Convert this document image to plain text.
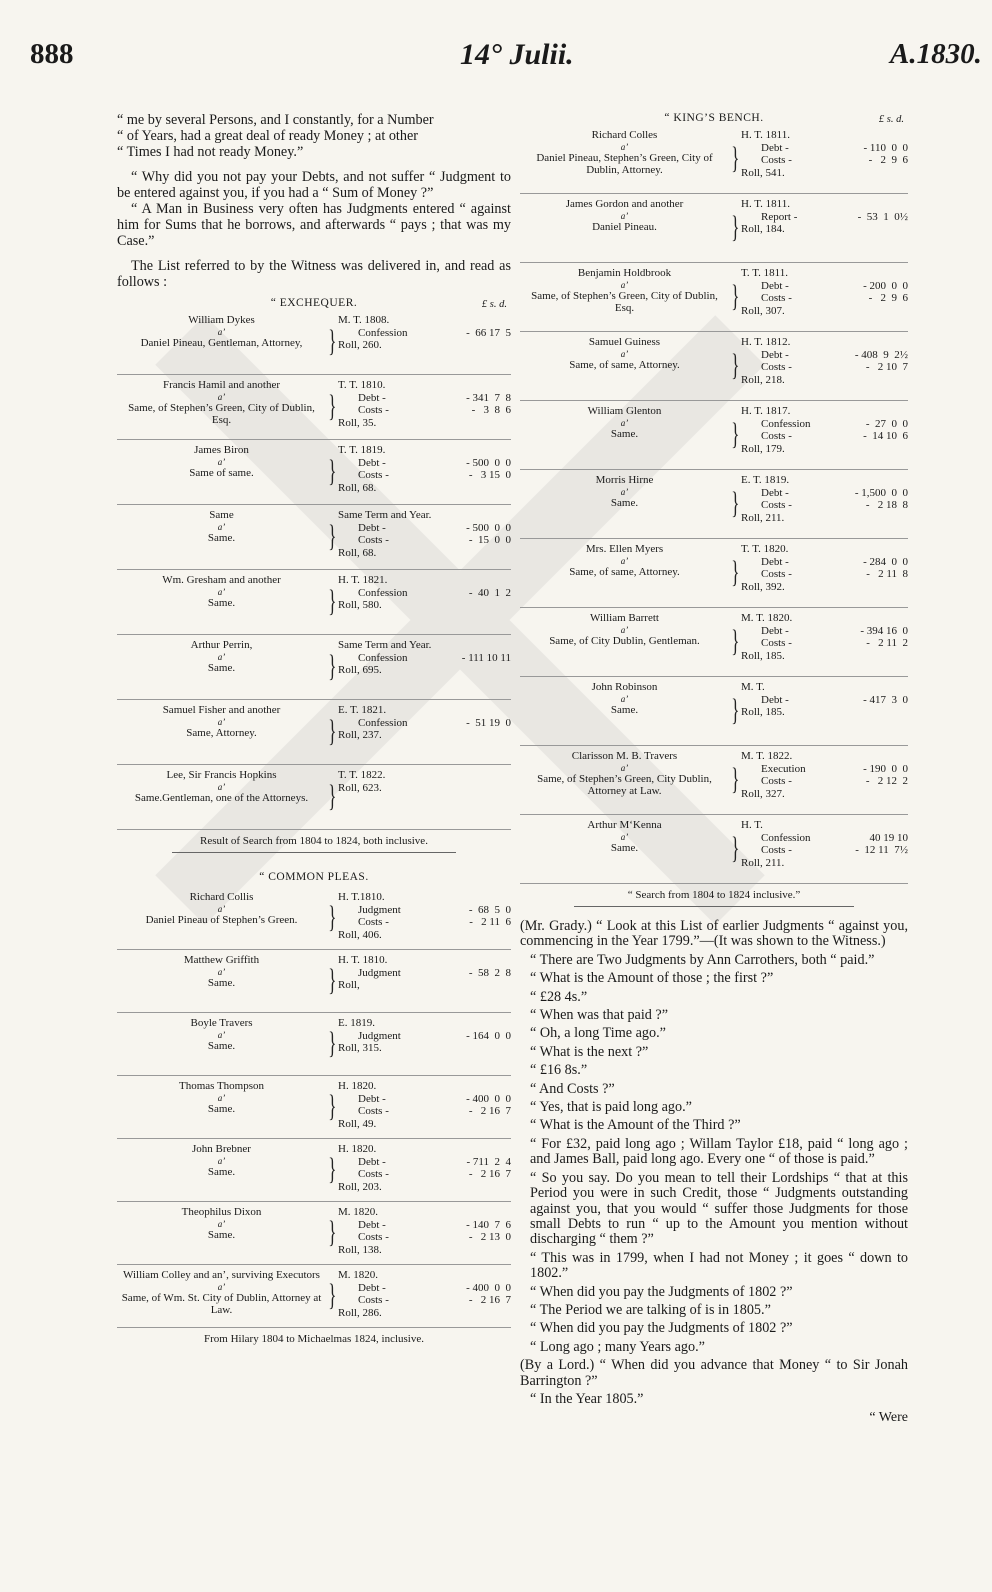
888	14° Julii.	A.1830.

“ me by several Persons, and I constantly, for a Number

“ of Years, had a great deal of ready Money ; at other

“ Times I had not ready Money.”

“ Why did you not pay your Debts, and not suffer “ Judgment to be entered against you, if you had a “ Sum of Money ?”

“ A Man in Business very often has Judgments entered “ against him for Sums that he borrows, and afterwards “ pays ; that was my Case.”

The List referred to by the Witness was delivered in, and read as follows :

“ EXCHEQUER.	£ s. d.
William Dykes
a’
Daniel Pineau, Gentleman, Attorney, }
M. T. 1808.
Confession	-  66 17  5
Roll, 260.
Francis Hamil and another
a’
Same, of Stephen’s Green, City of Dublin, Esq.	}
T. T. 1810.
Debt -	- 341  7  8
Costs -	-   3  8  6
Roll, 35.
James Biron
a’
Same of same.	}
T. T. 1819.
Debt -	- 500  0  0
Costs -	-   3 15  0
Roll, 68.
Same
a’
Same.	}
Same Term and Year.
Debt -	- 500  0  0
Costs -	-  15  0  0
Roll, 68.
Wm. Gresham and another
a’
Same.	}
H. T. 1821.
Confession	-  40  1  2
Roll, 580.
Arthur Perrin,
a’
Same.	}
Same Term and Year.
Confession	- 111 10 11
Roll, 695.
Samuel Fisher and another
a’
Same, Attorney.	}
E. T. 1821.
Confession	-  51 19  0
Roll, 237.
Lee, Sir Francis Hopkins
a’
Same.Gentleman, one of the Attorneys. }
T. T. 1822.
Roll, 623.
Result of Search from 1804 to 1824, both inclusive.
“ COMMON PLEAS.
Richard Collis
a’
Daniel Pineau of Stephen’s Green. }
H. T.1810.
Judgment	-  68  5  0
Costs -	-   2 11  6
Roll, 406.
Matthew Griffith
a’
Same.	}
H. T. 1810.
Judgment	-  58  2  8
Roll,
Boyle Travers
a’
Same.	}
E. 1819.
Judgment	- 164  0  0
Roll, 315.
Thomas Thompson
a’
Same.	}
H. 1820.
Debt -	- 400  0  0
Costs -	-   2 16  7
Roll, 49.
John Brebner
a’
Same.	}
H. 1820.
Debt -	- 711  2  4
Costs -	-   2 16  7
Roll, 203.
Theophilus Dixon
a’
Same.	}
M. 1820.
Debt -	- 140  7  6
Costs -	-   2 13  0
Roll, 138.
William Colley and an’, surviving Executors
a’
Same, of Wm. St. City of Dublin, Attorney at Law.	}
M. 1820.
Debt -	- 400  0  0
Costs -	-   2 16  7
Roll, 286.
From Hilary 1804 to Michaelmas 1824, inclusive.
“ KING’S BENCH.	£ s. d.
Richard Colles
a’
Daniel Pineau, Stephen’s Green, City of Dublin, Attorney.	}
H. T. 1811.
Debt -	- 110  0  0
Costs -	-   2  9  6
Roll, 541.
James Gordon and another
a’
Daniel Pineau.	}
H. T. 1811.
Report -	-  53  1  0½
Roll, 184.
Benjamin Holdbrook
a’
Same, of Stephen’s Green, City of Dublin, Esq.	}
T. T. 1811.
Debt -	- 200  0  0
Costs -	-   2  9  6
Roll, 307.
Samuel Guiness
a’
Same, of same, Attorney.	}
H. T. 1812.
Debt -	- 408  9  2½
Costs -	-   2 10  7
Roll, 218.
William Glenton
a’
Same.	}
H. T. 1817.
Confession	-  27  0  0
Costs -	-  14 10  6
Roll, 179.
Morris Hirne
a’
Same.	}
E. T. 1819.
Debt -	- 1,500  0  0
Costs -	-   2 18  8
Roll, 211.
Mrs. Ellen Myers
a’
Same, of same, Attorney.	}
T. T. 1820.
Debt -	- 284  0  0
Costs -	-   2 11  8
Roll, 392.
William Barrett
a’
Same, of City Dublin, Gentleman.	}
M. T. 1820.
Debt -	- 394 16  0
Costs -	-   2 11  2
Roll, 185.
John Robinson
a’
Same.	}
M. T.
Debt -	- 417  3  0
Roll, 185.
Clarisson M. B. Travers
a’
Same, of Stephen’s Green, City Dublin, Attorney at Law.	}
M. T. 1822.
Execution	- 190  0  0
Costs -	-   2 12  2
Roll, 327.
Arthur M‘Kenna
a’
Same.	}
H. T.
Confession	40 19 10
Costs -	-  12 11  7½
Roll, 211.
“ Search from 1804 to 1824 inclusive.”

(Mr. Grady.) “ Look at this List of earlier Judgments “ against you, commencing in the Year 1799.”—(It was shown to the Witness.)

“ There are Two Judgments by Ann Carrothers, both “ paid.”

“ What is the Amount of those ; the first ?”

“ £28 4s.”

“ When was that paid ?”

“ Oh, a long Time ago.”

“ What is the next ?”

“ £16 8s.”

“ And Costs ?”

“ Yes, that is paid long ago.”

“ What is the Amount of the Third ?”

“ For £32, paid long ago ; Willam Taylor £18, paid “ long ago ; and James Ball, paid long ago. Every one “ of those is paid.”

“ So you say. Do you mean to tell their Lordships “ that at this Period you were in such Credit, those “ Judgments outstanding against you, that you would “ suffer those Judgments for those small Debts to run “ up to the Amount you mention without discharging “ them ?”

“ This was in 1799, when I had not Money ; it goes “ down to 1802.”

“ When did you pay the Judgments of 1802 ?”

“ The Period we are talking of is in 1805.”

“ When did you pay the Judgments of 1802 ?”

“ Long ago ; many Years ago.”

(By a Lord.) “ When did you advance that Money “ to Sir Jonah Barrington ?”

“ In the Year 1805.”

“ Were
